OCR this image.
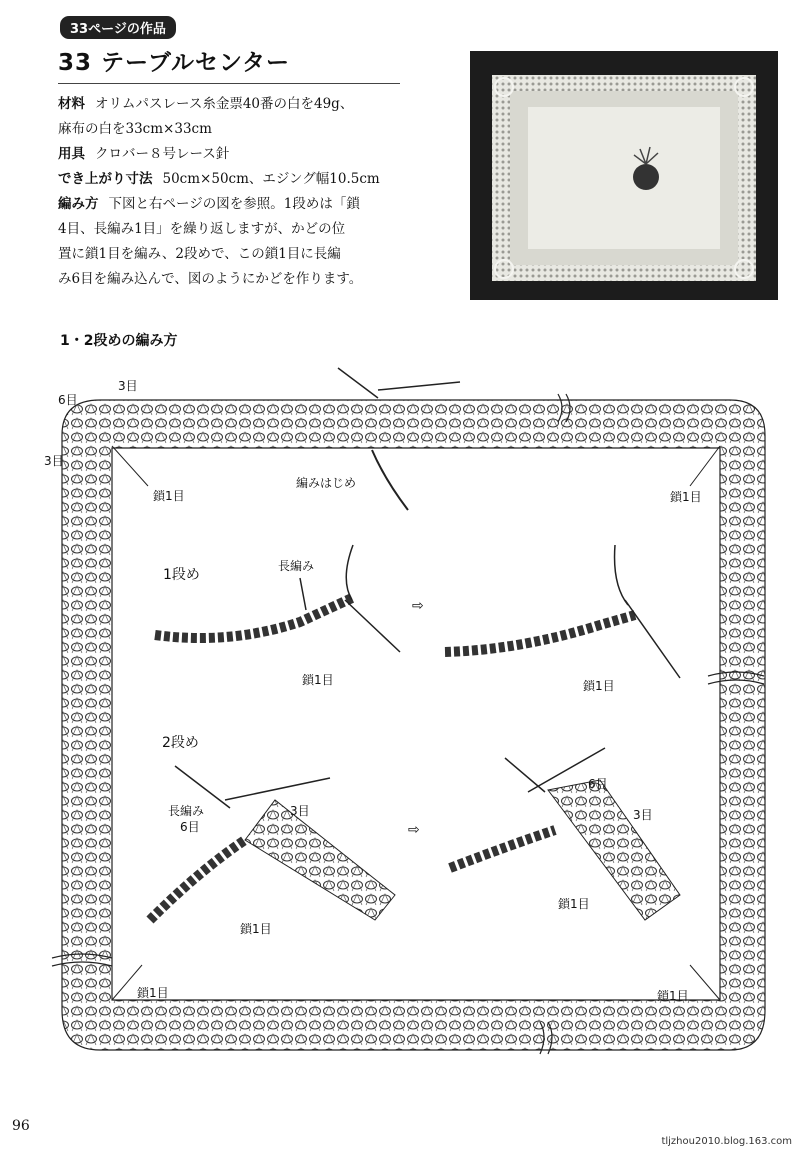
33ページの作品
33 テーブルセンター
材料 オリムパスレース糸金票40番の白を49g、
麻布の白を33cm×33cm
用具 クロバー８号レース針
でき上がり寸法 50cm×50cm、エジング幅10.5cm
編み方 下図と右ページの図を参照。1段めは「鎖
4目、長編み1目」を繰り返しますが、かどの位
置に鎖1目を編み、2段めで、この鎖1目に長編
み6目を編み込んで、図のようにかどを作ります。
1・2段めの編み方
6目
3目
3目
鎖1目
編みはじめ
鎖1目
鎖1目	鎖1目
1段め
長編み
鎖1目	鎖1目
⇨
2段め
長編み
6目
3目
鎖1目
6目
3目
鎖1目
⇨
96
tljzhou2010.blog.163.com
